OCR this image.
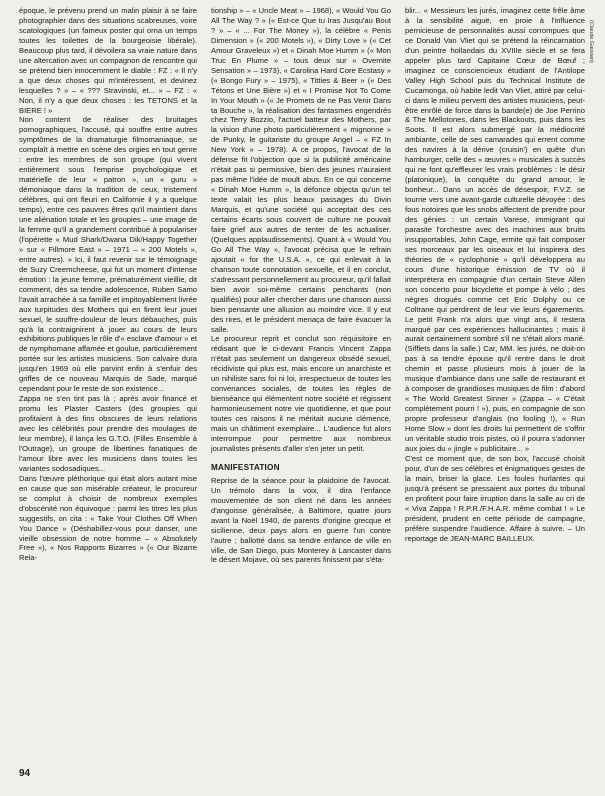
époque, le prévenu prend un malin plaisir à se faire photographier dans des situations scabreuses, voire scatologiques (un fameux poster qui orna un temps toutes les toilettes de la bourgeoisie libérale). Beaucoup plus tard, il dévoilera sa vraie nature dans une altercation avec un compagnon de rencontre qui se prétend bien innocemment le diable : FZ : « Il n'y a que deux choses qui m'intéressent, et devinez lesquelles ? » – « ??? Stravinski, et... » – FZ : « Non, il n'y a que deux choses : les TETONS et la BIERE ! »

Non content de réaliser des bruitages pornographiques, l'accusé, qui souffre entre autres symptômes de la dramaturgie filmomaniaque, se complaît à mettre en scène des orgies en tout genre : entre les membres de son groupe (qui vivent entièrement sous l'emprise psychologique et matérielle de leur « patron », un « guru » démoniaque dans la tradition de ceux, tristement célèbres, qui ont fleuri en Californie il y a quelque temps), entre ces pauvres êtres qu'il maintient dans une aliénation totale et les groupies – une image de la femme qu'il a grandement contribué à populariser (l'opérette « Mud Shark/Dwana Dik/Happy Together » sur « Fillmore East » – 1971 – « 200 Motels », entre autres). » Ici, il faut revenir sur le témoignage de Suzy Creemcheese, qui fut un moment d'intense émotion : la jeune femme, prématurément vieillie, dit comment, dès sa tendre adolescence, Ruben Samo l'avait arrachée à sa famille et impitoyablement livrée aux turpitudes des Mothers qui en firent leur jouet sexuel, le souffre-douleur de leurs débauches, puis qu'à la contraignirent à jouer au cours de leurs exhibitions publiques le rôle d'« esclave d'amour » et de nymphomane affamée et goulue, particulièrement portée sur les artistes musiciens. Son calvaire dura jusqu'en 1969 où elle parvint enfin à s'enfuir des griffes de ce nouveau Marquis de Sade, marqué cependant pour le reste de son existence...

Zappa ne s'en tint pas là ; après avoir financé et promu les Plaster Casters (des groupies qui profitaient à des fins obscures de leurs relations avec les célébrités pour prendre des moulages de leur membre), il lança les G.T.O. (Filles Ensemble à l'Outrage), un groupe de libertines fanatiques de l'amour libre avec les musiciens dans toutes les variantes sodosadiques...

Dans l'œuvre pléthorique qui était alors autant mise en cause que son misérable créateur, le procureur se complut à choisir de nombreux exemples d'obscénité non équivoque : parmi les titres les plus suggestifs, on cita : « Take Your Clothes Off When You Dance » (Déshabillez-vous pour danser, une vieille obsession de notre homme – « Absolutely Free »), « Nos Rapports Bizarres » (« Our Bizarre Rela-

tionship » – « Uncle Meat » – 1968), « Would You Go All The Way ? » (« Est-ce Que tu Iras Jusqu'au Bout ? » – « ... For The Money »), la célèbre « Penis Dimension » (« 200 Motels »), « Dirty Love » (« Cet Amour Graveleux ») et « Dinah Moe Humm » (« Mon Truc En Plume » – tous deux sur « Overnite Sensation » – 1973), « Carolina Hard Core Ecstasy » (« Bongo Fury » – 1975), « Titties & Beer » (« Des Tétons et Une Bière ») et « I Promise Not To Come In Your Mouth » (« Je Promets de ne Pas Venir Dans ta Bouche », la réalisation des fantasmes engendrés chez Terry Bozzio, l'actuel batteur des Mothers, par la vision d'une photo particulièrement « mignonne » de Punky, le guitariste du groupe Angel – « FZ In New York » – 1978). A ce propos, l'avocat de la défense fit l'objection que si la publicité américaine n'était pas si permissive, bien des jeunes n'auraient pas même l'idée de moult abus. En ce qui concerne « Dinah Moe Humm », la défonce objecta qu'un tel texte valait les plus beaux passages du Divin Marquis, et qu'une société qui acceptait des ces certains écarts sous couvert de culture ne pouvait faire grief aux autres de tenter de les actualiser. (Quelques applaudissements). Quant à « Would You Go All The Way », l'avocat précisa que le refrain ajoutait « for the U.S.A. », ce qui enlevait à la chanson toute connotation sexuelle, et il en conclut, s'adressant personnellement au procureur, qu'il fallait bien avoir soi-même certains penchants (non qualifiés) pour aller chercher dans une chanson aussi bien pensante une allusion au moindre vice. Il y eut des rires, et le président menaça de faire évacuer la salle.

Le procureur reprit et conclut son réquisitoire en rédisant que le ci-devant Francis Vincent Zappa n'était pas seulement un dangereux obsédé sexuel, récidiviste qui plus est, mais encore un anarchiste et un nihiliste sans foi ni loi, irrespectueux de toutes les convenances sociales, de toutes les règles de bienséance qui élémentent notre société et régissent harmonieusement notre vie quotidienne, et que pour toutes ces raisons il ne méritait aucune clémence, mais un châtiment exemplaire... L'audience fut alors interrompue pour permettre aux nombreux journalistes présents d'aller s'en jeter un petit.

MANIFESTATION

Reprise de la séance pour la plaidoirie de l'avocat. Un trémolo dans la voix, il dira l'enfance mouvementée de son client né dans les années d'angoisse généralisée, à Baltimore, quatre jours avant la Noël 1940, de parents d'origine grecque et sicilienne, deux pays alors en guerre l'un contre l'autre ; ballotté dans sa tendre enfance de ville en ville, de San Diego, puis Monterey à Lancaster dans le désert Mojave, où ses parents finissent par s'éta-

blir... « Messieurs les jurés, imaginez cette frêle âme à la sensibilité aiguë, en proie à l'influence pernicieuse de personnalités aussi corrompues que ce Donald Van Vliet qui se prétend la réincarnation d'un peintre hollandais du XVIIIe siècle et se fera appeler plus tard Capitaine Cœur de Bœuf ; imaginez ce consciencieux étudiant de l'Antilope Valley High School puis du Technical Institute de Cucamonga, où habite ledit Van Vliet, attiré par celui-ci dans le milieu perverti des artistes musiciens, peut-être enrôlé de force dans la bande(e) de Joe Perrino & The Mellotones, dans les Blackouts, puis dans les Soots. Il est alors submergé par la médiocrité ambiante, celle de ses camarades qui errent comme des navires à la dérive (cruisin') en quête d'un hamburger, celle des « œuvres » musicales à succès qui ne font qu'effleurer les vrais problèmes : le désir (platonique), la conquête du grand amour, le bonheur... Dans un accès de désespoir, F.V.Z. se tourne vers une avant-garde culturelle dévoyée : des fous notoires que les snobs affectent de prendre pour des génies : un certain Varese, immigrant qui parasite l'orchestre avec des machines aux bruits insupportables, John Cage, ermite qui fait composer ses morceaux par les oiseaux et lui inspirera des théories de « cyclophonie » qu'il développera au cours d'une historique émission de TV où il interprétera en compagnie d'un certain Steve Allen son concerto pour bicyclette et pompe à vélo ; des nègres drogués comme cet Eric Dolphy ou ce Coltrane qui perdirent de leur vie leurs égarements. Le petit Frank n'a alors que vingt ans, il restera marqué par ces expériences hallucinantes ; mais il aurait certainement sombré s'il ne s'était alors marié. (Sifflets dans la salle.) Car, MM. les jurés, ne doit-on pas à sa tendre épouse qu'il rentre dans le droit chemin et passe plusieurs mois à jouer de la musique d'ambiance dans une salle de restaurant et à composer de grandioses musiques de film : d'abord « The World Greatest Sinner » (Zappa – « C'était complètement pourri ! »), puis, en compagnie de son propre professeur d'anglais (no fooling !), « Run Home Slow » dont les droits lui permettent de s'offrir un véritable studio trois pistes, où il pourra s'adonner aux joies du « jingle » publicitaire... »

C'est ce moment que, de son box, l'accusé choisit pour, d'un de ses célèbres et énigmatiques gestes de la main, briser la glace. Les foules hurlantes qui jusqu'à présent se pressaient aux portes du tribunal en profitent pour faire irruption dans la salle au cri de « Viva Zappa ! R.P.R./F.H.A.R. même combat ! » Le président, prudent en cette période de campagne, préfère suspendre l'audience. Affaire à suivre. – Un reportage de JEAN-MARC BAILLEUX.

(Claude Gassian)
94
